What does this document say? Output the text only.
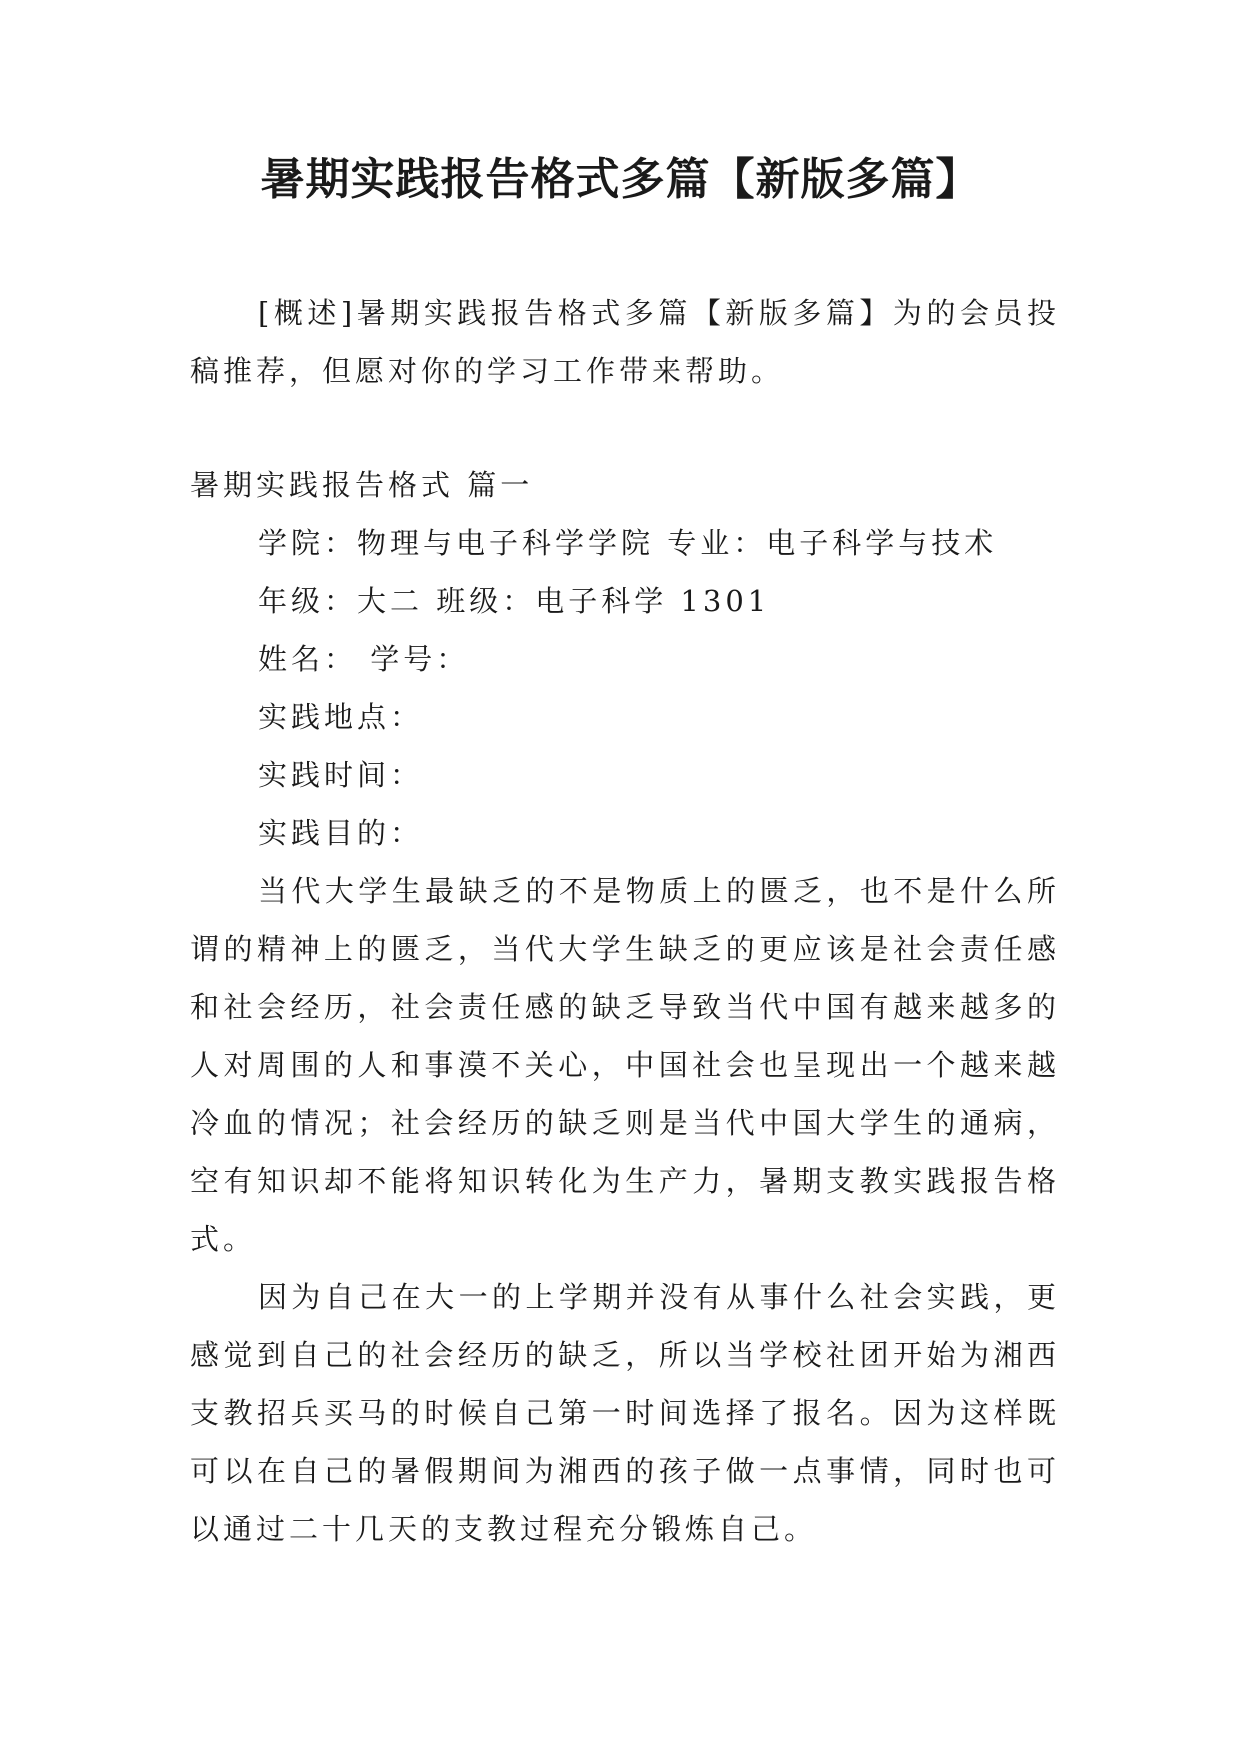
暑期实践报告格式多篇【新版多篇】

[概述]暑期实践报告格式多篇【新版多篇】为的会员投稿推荐，但愿对你的学习工作带来帮助。

暑期实践报告格式 篇一

学院：物理与电子科学学院 专业：电子科学与技术

年级：大二 班级：电子科学 1301

姓名： 学号：

实践地点：

实践时间：

实践目的：

当代大学生最缺乏的不是物质上的匮乏，也不是什么所谓的精神上的匮乏，当代大学生缺乏的更应该是社会责任感和社会经历，社会责任感的缺乏导致当代中国有越来越多的人对周围的人和事漠不关心，中国社会也呈现出一个越来越冷血的情况；社会经历的缺乏则是当代中国大学生的通病，空有知识却不能将知识转化为生产力，暑期支教实践报告格式。

因为自己在大一的上学期并没有从事什么社会实践，更感觉到自己的社会经历的缺乏，所以当学校社团开始为湘西支教招兵买马的时候自己第一时间选择了报名。因为这样既可以在自己的暑假期间为湘西的孩子做一点事情，同时也可以通过二十几天的支教过程充分锻炼自己。
